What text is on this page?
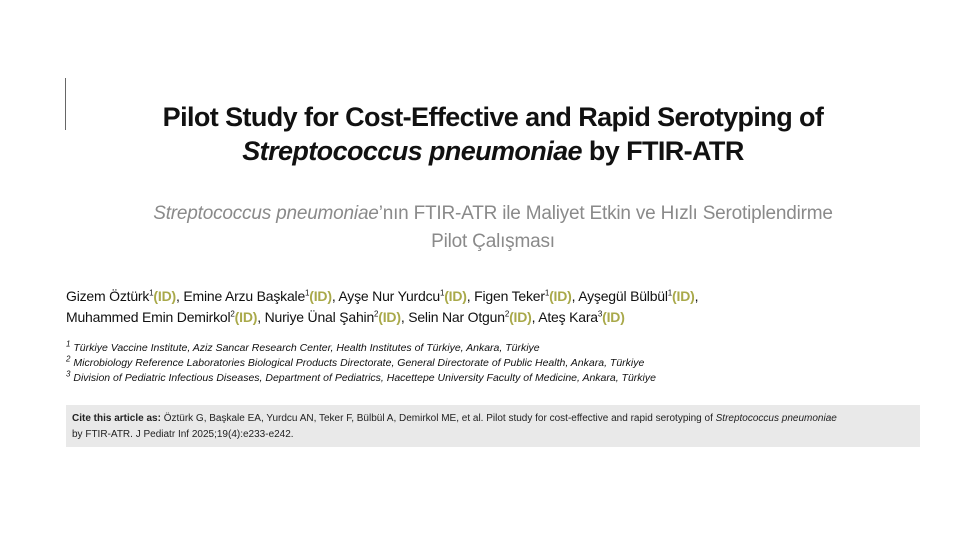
Pilot Study for Cost-Effective and Rapid Serotyping of
Streptococcus pneumoniae by FTIR-ATR
Streptococcus pneumoniae’nın FTIR-ATR ile Maliyet Etkin ve Hızlı Serotiplendirme
Pilot Çalışması
Gizem Öztürk$^1$(ID), Emine Arzu Başkale$^1$(ID), Ayşe Nur Yurdcu$^1$(ID), Figen Teker$^1$(ID), Ayşegül Bülbül$^1$(ID),
Muhammed Emin Demirkol$^2$(ID), Nuriye Ünal Şahin$^2$(ID), Selin Nar Otgun$^2$(ID), Ateş Kara$^3$(ID)
$^1$ Türkiye Vaccine Institute, Aziz Sancar Research Center, Health Institutes of Türkiye, Ankara, Türkiye
$^2$ Microbiology Reference Laboratories Biological Products Directorate, General Directorate of Public Health, Ankara, Türkiye
$^3$ Division of Pediatric Infectious Diseases, Department of Pediatrics, Hacettepe University Faculty of Medicine, Ankara, Türkiye
Cite this article as: Öztürk G, Başkale EA, Yurdcu AN, Teker F, Bülbül A, Demirkol ME, et al. Pilot study for cost-effective and rapid serotyping of Streptococcus pneumoniae
by FTIR-ATR. J Pediatr Inf 2025;19(4):e233-e242.
